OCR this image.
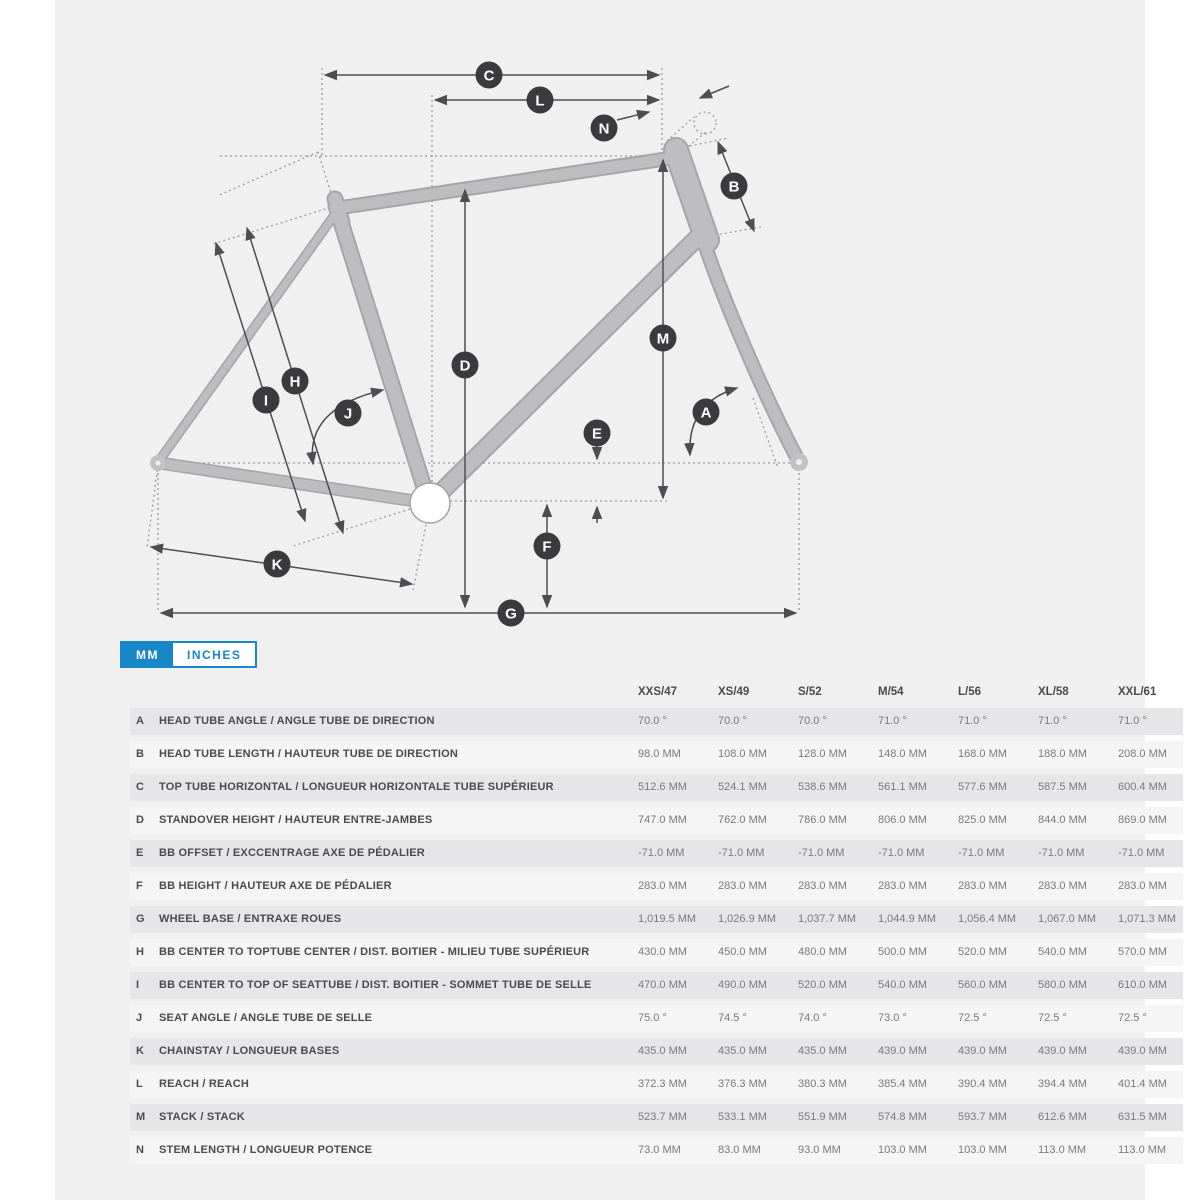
A
B
C
D
E
F
G
H
I
J
K
L
M
N
MM	INCHES
XXS/47	XS/49	S/52	M/54	L/56	XL/58	XXL/61
A HEAD TUBE ANGLE / ANGLE TUBE DE DIRECTION	70.0 °	70.0 °	70.0 °	71.0 °	71.0 °	71.0 °	71.0 °
B HEAD TUBE LENGTH / HAUTEUR TUBE DE DIRECTION	98.0 MM	108.0 MM	128.0 MM	148.0 MM	168.0 MM	188.0 MM	208.0 MM
C TOP TUBE HORIZONTAL / LONGUEUR HORIZONTALE TUBE SUPÉRIEUR	512.6 MM	524.1 MM	538.6 MM	561.1 MM	577.6 MM	587.5 MM	600.4 MM
D STANDOVER HEIGHT / HAUTEUR ENTRE-JAMBES	747.0 MM	762.0 MM	786.0 MM	806.0 MM	825.0 MM	844.0 MM	869.0 MM
E BB OFFSET / EXCCENTRAGE AXE DE PÉDALIER	-71.0 MM	-71.0 MM	-71.0 MM	-71.0 MM	-71.0 MM	-71.0 MM	-71.0 MM
F BB HEIGHT / HAUTEUR AXE DE PÉDALIER	283.0 MM	283.0 MM	283.0 MM	283.0 MM	283.0 MM	283.0 MM	283.0 MM
G WHEEL BASE / ENTRAXE ROUES	1,019.5 MM 1,026.9 MM 1,037.7 MM 1,044.9 MM 1,056.4 MM 1,067.0 MM 1,071.3 MM
H BB CENTER TO TOPTUBE CENTER / DIST. BOITIER - MILIEU TUBE SUPÉRIEUR	430.0 MM	450.0 MM	480.0 MM	500.0 MM	520.0 MM	540.0 MM	570.0 MM
I BB CENTER TO TOP OF SEATTUBE / DIST. BOITIER - SOMMET TUBE DE SELLE	470.0 MM	490.0 MM	520.0 MM	540.0 MM	560.0 MM	580.0 MM	610.0 MM
J SEAT ANGLE / ANGLE TUBE DE SELLE	75.0 °	74.5 °	74.0 °	73.0 °	72.5 °	72.5 °	72.5 °
K CHAINSTAY / LONGUEUR BASES	435.0 MM	435.0 MM	435.0 MM	439.0 MM	439.0 MM	439.0 MM	439.0 MM
L REACH / REACH	372.3 MM	376.3 MM	380.3 MM	385.4 MM	390.4 MM	394.4 MM	401.4 MM
M STACK / STACK	523.7 MM	533.1 MM	551.9 MM	574.8 MM	593.7 MM	612.6 MM	631.5 MM
N STEM LENGTH / LONGUEUR POTENCE	73.0 MM	83.0 MM	93.0 MM	103.0 MM	103.0 MM	113.0 MM	113.0 MM
